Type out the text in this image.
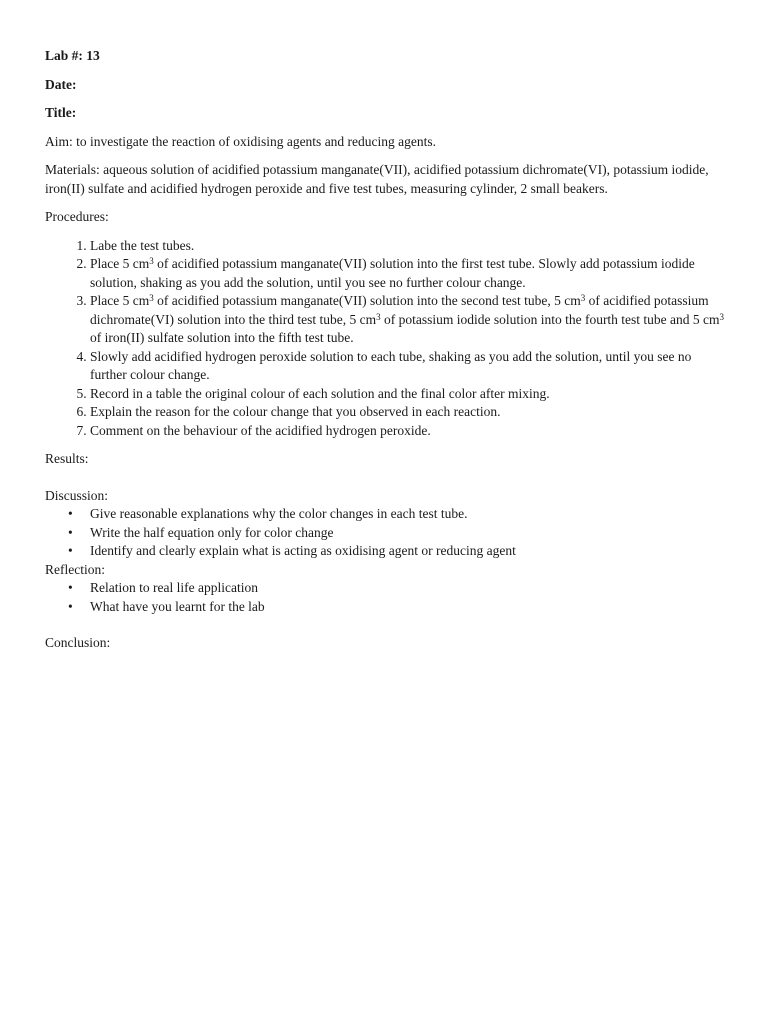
Lab #: 13

Date:

Title:

Aim: to investigate the reaction of oxidising agents and reducing agents.

Materials: aqueous solution of acidified potassium manganate(VII), acidified potassium dichromate(VI), potassium iodide, iron(II) sulfate and acidified hydrogen peroxide and five test tubes, measuring cylinder, 2 small beakers.

Procedures:

1. Labe the test tubes.
2. Place 5 $cm^3$ of acidified potassium manganate(VII) solution into the first test tube. Slowly add potassium iodide solution, shaking as you add the solution, until you see no further colour change.
3. Place 5 $cm^3$ of acidified potassium manganate(VII) solution into the second test tube, 5 $cm^3$ of acidified potassium dichromate(VI) solution into the third test tube, 5 $cm^3$ of potassium iodide solution into the fourth test tube and 5 $cm^3$ of iron(II) sulfate solution into the fifth test tube.
4. Slowly add acidified hydrogen peroxide solution to each tube, shaking as you add the solution, until you see no further colour change.
5. Record in a table the original colour of each solution and the final color after mixing.
6. Explain the reason for the colour change that you observed in each reaction.
7. Comment on the behaviour of the acidified hydrogen peroxide.

Results:

Discussion:

• Give reasonable explanations why the color changes in each test tube.
• Write the half equation only for color change
• Identify and clearly explain what is acting as oxidising agent or reducing agent

Reflection:

• Relation to real life application
• What have you learnt for the lab

Conclusion:
